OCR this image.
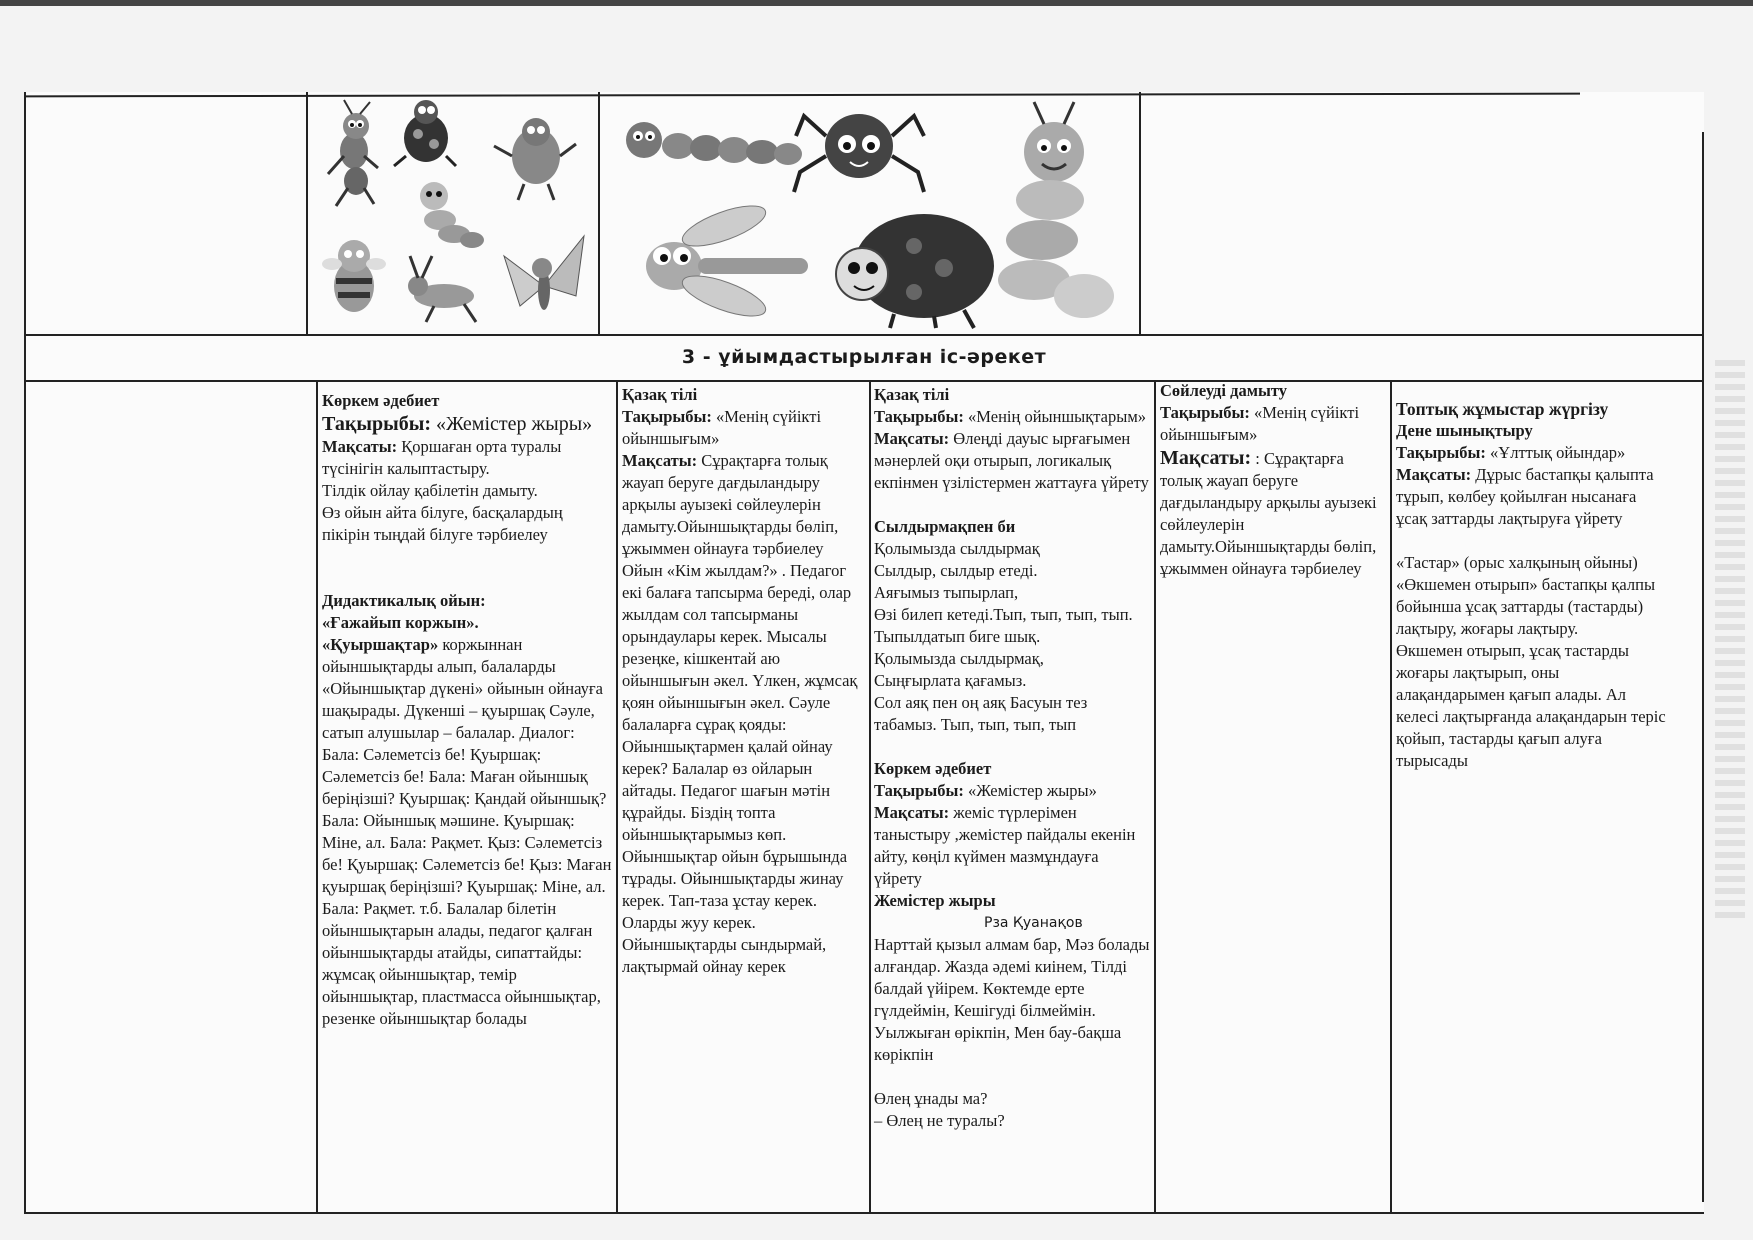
3 - ұйымдастырылған іс-әрекет

Көркем әдебиет

Тақырыбы: «Жемістер жыры»

Мақсаты: Қоршаған орта туралы түсінігін калыптастыру.

Тілдік ойлау қабілетін дамыту.

Өз ойын айта білуге, басқалардың пікірін тыңдай білуге тәрбиелеу

Дидактикалық ойын:

«Ғажайып коржын».

«Қуыршақтар» коржыннан ойыншықтарды алып, балаларды «Ойыншықтар дүкені» ойынын ойнауға шақырады. Дүкенші – қуыршақ Сәуле, сатып алушылар – балалар. Диалог: Бала: Сәлеметсіз бе! Қуыршақ: Сәлеметсіз бе! Бала: Маған ойыншық беріңізші? Қуыршақ: Қандай ойыншық? Бала: Ойыншық мәшине. Қуыршақ: Міне, ал. Бала: Рақмет. Қыз: Сәлеметсіз бе! Қуыршақ: Сәлеметсіз бе! Қыз: Маған қуыршақ беріңізші? Қуыршақ: Міне, ал. Бала: Рақмет. т.б. Балалар білетін ойыншықтарын алады, педагог қалған ойыншықтарды атайды, сипаттайды: жұмсақ ойыншықтар, темір ойыншықтар, пластмасса ойыншықтар, резенке ойыншықтар болады

Қазақ тілі

Тақырыбы: «Менің сүйікті ойыншығым»

Мақсаты: Сұрақтарға толық жауап беруге дағдыландыру арқылы ауызекі сөйлеулерін дамыту.Ойыншықтарды бөліп, ұжыммен ойнауға тәрбиелеу

Ойын «Кім жылдам?» . Педагог екі балаға тапсырма береді, олар жылдам сол тапсырманы орындаулары керек. Мысалы резеңке, кішкентай аю ойыншығын әкел. Үлкен, жұмсақ қоян ойыншығын әкел. Сәуле балаларға сұрақ қояды: Ойыншықтармен қалай ойнау керек? Балалар өз ойларын айтады. Педагог шағын мәтін құрайды. Біздің топта ойыншықтарымыз көп. Ойыншықтар ойын бұрышында тұрады. Ойыншықтарды жинау керек. Тап-таза ұстау керек. Оларды жуу керек. Ойыншықтарды сындырмай, лақтырмай ойнау керек

Қазақ тілі

Тақырыбы: «Менің ойыншықтарым»

Мақсаты: Өлеңді дауыс ырғағымен мәнерлей оқи отырып, логикалық екпінмен үзілістермен жаттауға үйрету

Сылдырмақпен би

Қолымызда сылдырмақ

Сылдыр, сылдыр етеді.

Аяғымыз тыпырлап,

Өзі билеп кетеді.Тып, тып, тып, тып.

Тыпылдатып биге шық.

Қолымызда сылдырмақ,

Сыңғырлата қағамыз.

Сол аяқ пен оң аяқ Басуын тез табамыз. Тып, тып, тып, тып

Көркем әдебиет

Тақырыбы: «Жемістер жыры»

Мақсаты: жеміс түрлерімен таныстыру ,жемістер пайдалы екенін айту, көңіл күймен мазмұндауға үйрету

Жемістер жыры

Рза Қуанақов

Нарттай қызыл алмам бар, Мәз болады алғандар. Жазда әдемі киінем, Тілді балдай үйірем. Көктемде ерте гүлдеймін, Кешігуді білмеймін. Уылжыған өрікпін, Мен бау-бақша көрікпін

Өлең ұнады ма?

– Өлең не туралы?

Сөйлеуді дамыту

Тақырыбы: «Менің сүйікті ойыншығым»

Мақсаты: : Сұрақтарға толық жауап беруге дағдыландыру арқылы ауызекі сөйлеулерін дамыту.Ойыншықтарды бөліп, ұжыммен ойнауға тәрбиелеу

Топтық жұмыстар жүргізу

Дене шынықтыру

Тақырыбы: «Ұлттық ойындар»

Мақсаты: Дұрыс бастапқы қалыпта тұрып, көлбеу қойылған нысанаға ұсақ заттарды лақтыруға үйрету

«Тастар» (орыс халқының ойыны) «Өкшемен отырып» бастапқы қалпы бойынша ұсақ заттарды (тастарды) лақтыру, жоғары лақтыру.

Өкшемен отырып, ұсақ тастарды жоғары лақтырып, оны алақандарымен қағып алады. Ал келесі лақтырғанда алақандарын теріс қойып, тастарды қағып алуға тырысады
